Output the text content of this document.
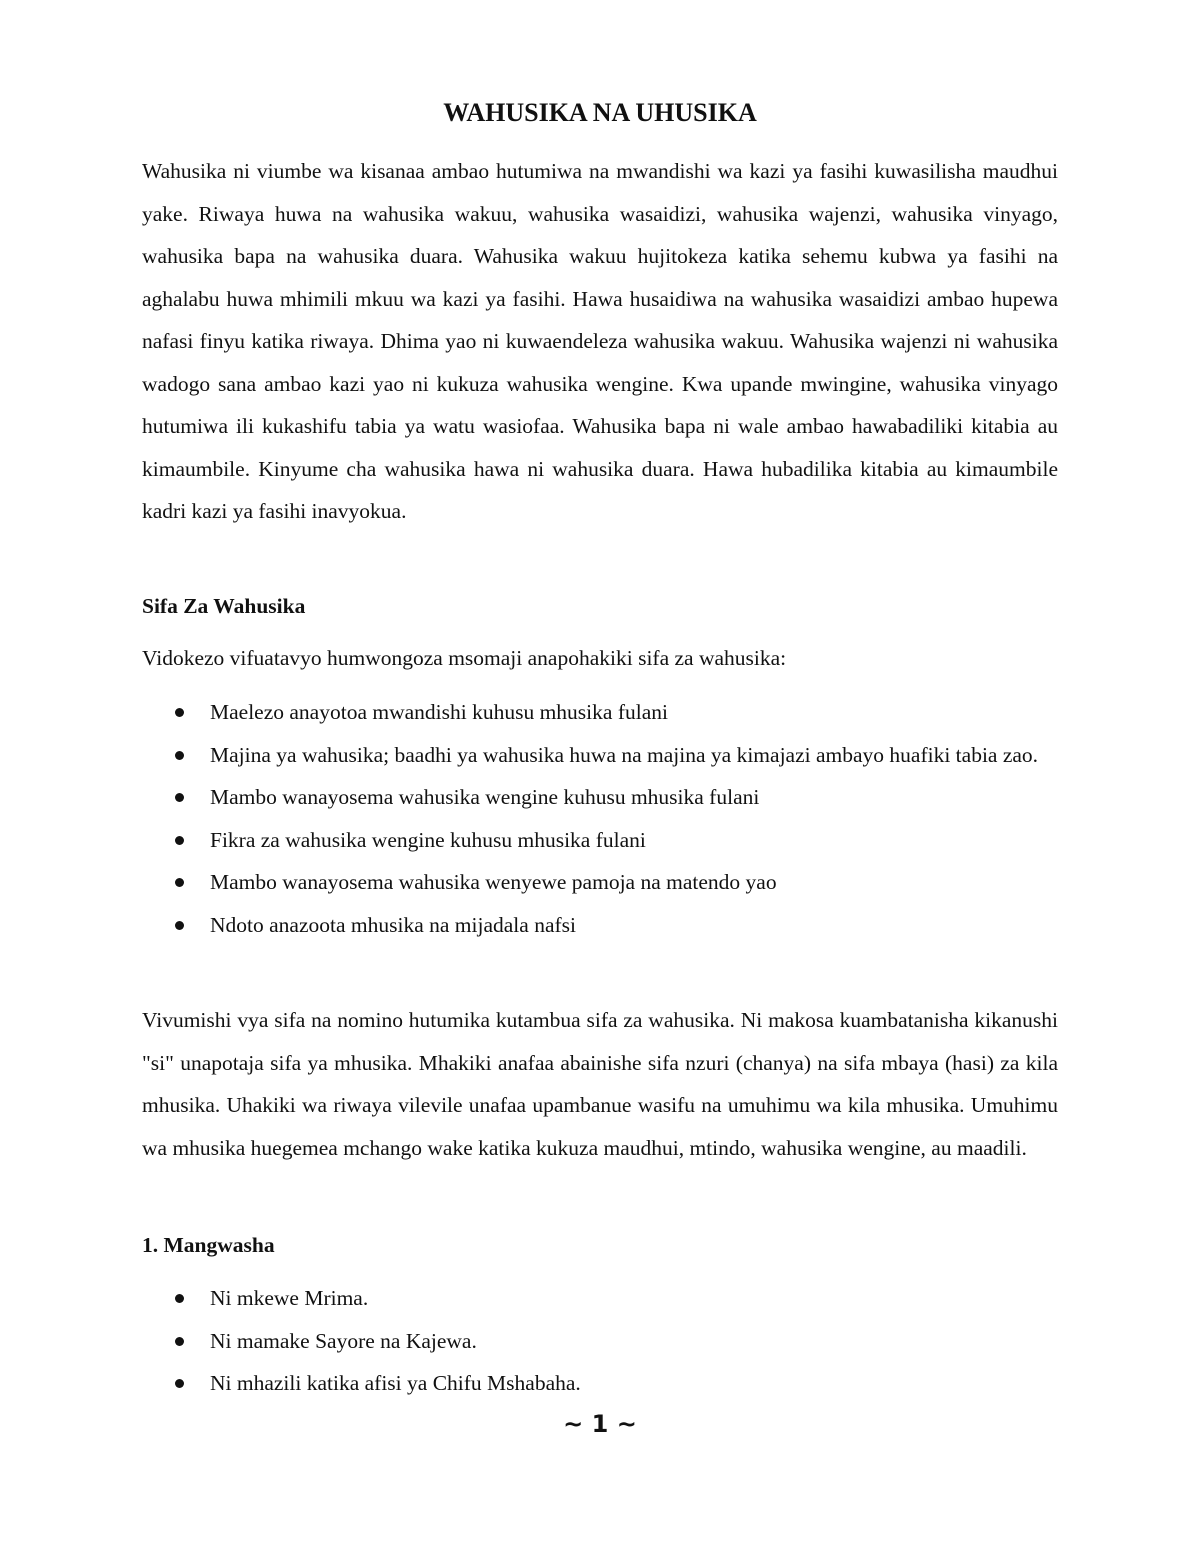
WAHUSIKA NA UHUSIKA

Wahusika ni viumbe wa kisanaa ambao hutumiwa na mwandishi wa kazi ya fasihi kuwasilisha maudhui yake. Riwaya huwa na wahusika wakuu, wahusika wasaidizi, wahusika wajenzi, wahusika vinyago, wahusika bapa na wahusika duara. Wahusika wakuu hujitokeza katika sehemu kubwa ya fasihi na aghalabu huwa mhimili mkuu wa kazi ya fasihi. Hawa husaidiwa na wahusika wasaidizi ambao hupewa nafasi finyu katika riwaya. Dhima yao ni kuwaendeleza wahusika wakuu. Wahusika wajenzi ni wahusika wadogo sana ambao kazi yao ni kukuza wahusika wengine. Kwa upande mwingine, wahusika vinyago hutumiwa ili kukashifu tabia ya watu wasiofaa. Wahusika bapa ni wale ambao hawabadiliki kitabia au kimaumbile. Kinyume cha wahusika hawa ni wahusika duara. Hawa hubadilika kitabia au kimaumbile kadri kazi ya fasihi inavyokua.

Sifa Za Wahusika

Vidokezo vifuatavyo humwongoza msomaji anapohakiki sifa za wahusika:

Maelezo anayotoa mwandishi kuhusu mhusika fulani
Majina ya wahusika; baadhi ya wahusika huwa na majina ya kimajazi ambayo huafiki tabia zao.
Mambo wanayosema wahusika wengine kuhusu mhusika fulani
Fikra za wahusika wengine kuhusu mhusika fulani
Mambo wanayosema wahusika wenyewe pamoja na matendo yao
Ndoto anazoota mhusika na mijadala nafsi

Vivumishi vya sifa na nomino hutumika kutambua sifa za wahusika. Ni makosa kuambatanisha kikanushi "si" unapotaja sifa ya mhusika. Mhakiki anafaa abainishe sifa nzuri (chanya) na sifa mbaya (hasi) za kila mhusika. Uhakiki wa riwaya vilevile unafaa upambanue wasifu na umuhimu wa kila mhusika. Umuhimu wa mhusika huegemea mchango wake katika kukuza maudhui, mtindo, wahusika wengine, au maadili.

1. Mangwasha
Ni mkewe Mrima.
Ni mamake Sayore na Kajewa.
Ni mhazili katika afisi ya Chifu Mshabaha.
~ 1 ~
